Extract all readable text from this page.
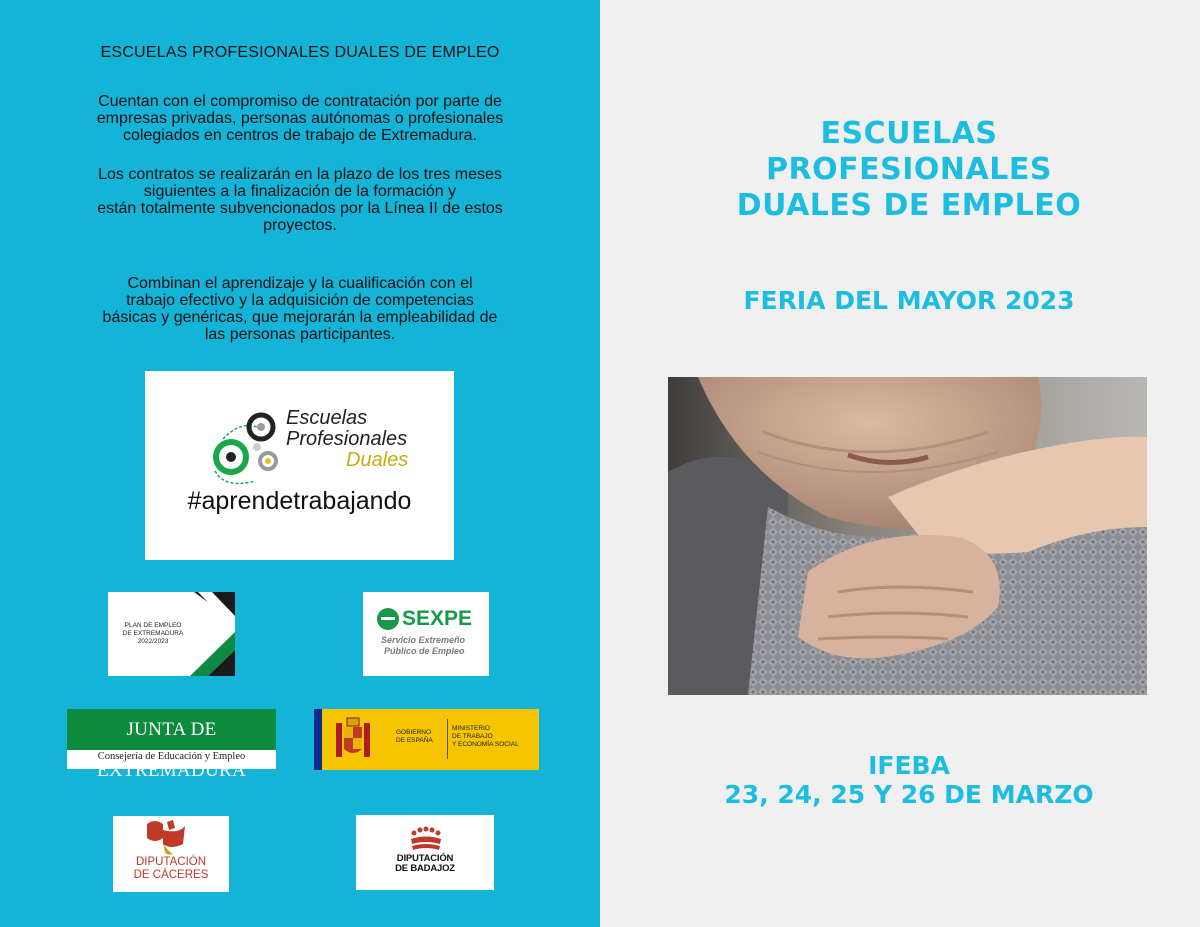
ESCUELAS PROFESIONALES DUALES DE EMPLEO
Cuentan con el compromiso de contratación por parte de
empresas privadas, personas autónomas o profesionales
colegiados en centros de trabajo de Extremadura.
Los contratos se realizarán en la plazo de los tres meses
siguientes a la finalización de la formación y
están totalmente subvencionados por la Línea II de estos
proyectos.
Combinan el aprendizaje y la cualificación con el
trabajo efectivo y la adquisición de competencias
básicas y genéricas, que mejorarán la empleabilidad de
las personas participantes.
Escuelas
Profesionales
Duales
#aprendetrabajando
PLAN DE EMPLEO
DE EXTREMADURA
2022/2023
SEXPE
Servicio Extremeño
Público de Empleo
JUNTA DE EXTREMADURA
Consejería de Educación y Empleo
GOBIERNO
DE ESPAÑA
MINISTERIO
DE TRABAJO
Y ECONOMÍA SOCIAL
DIPUTACIÓN
DE CÁCERES
DIPUTACIÓN
DE BADAJOZ
ESCUELAS
PROFESIONALES
DUALES DE EMPLEO
FERIA DEL MAYOR 2023
IFEBA
23, 24, 25 Y 26 DE MARZO
